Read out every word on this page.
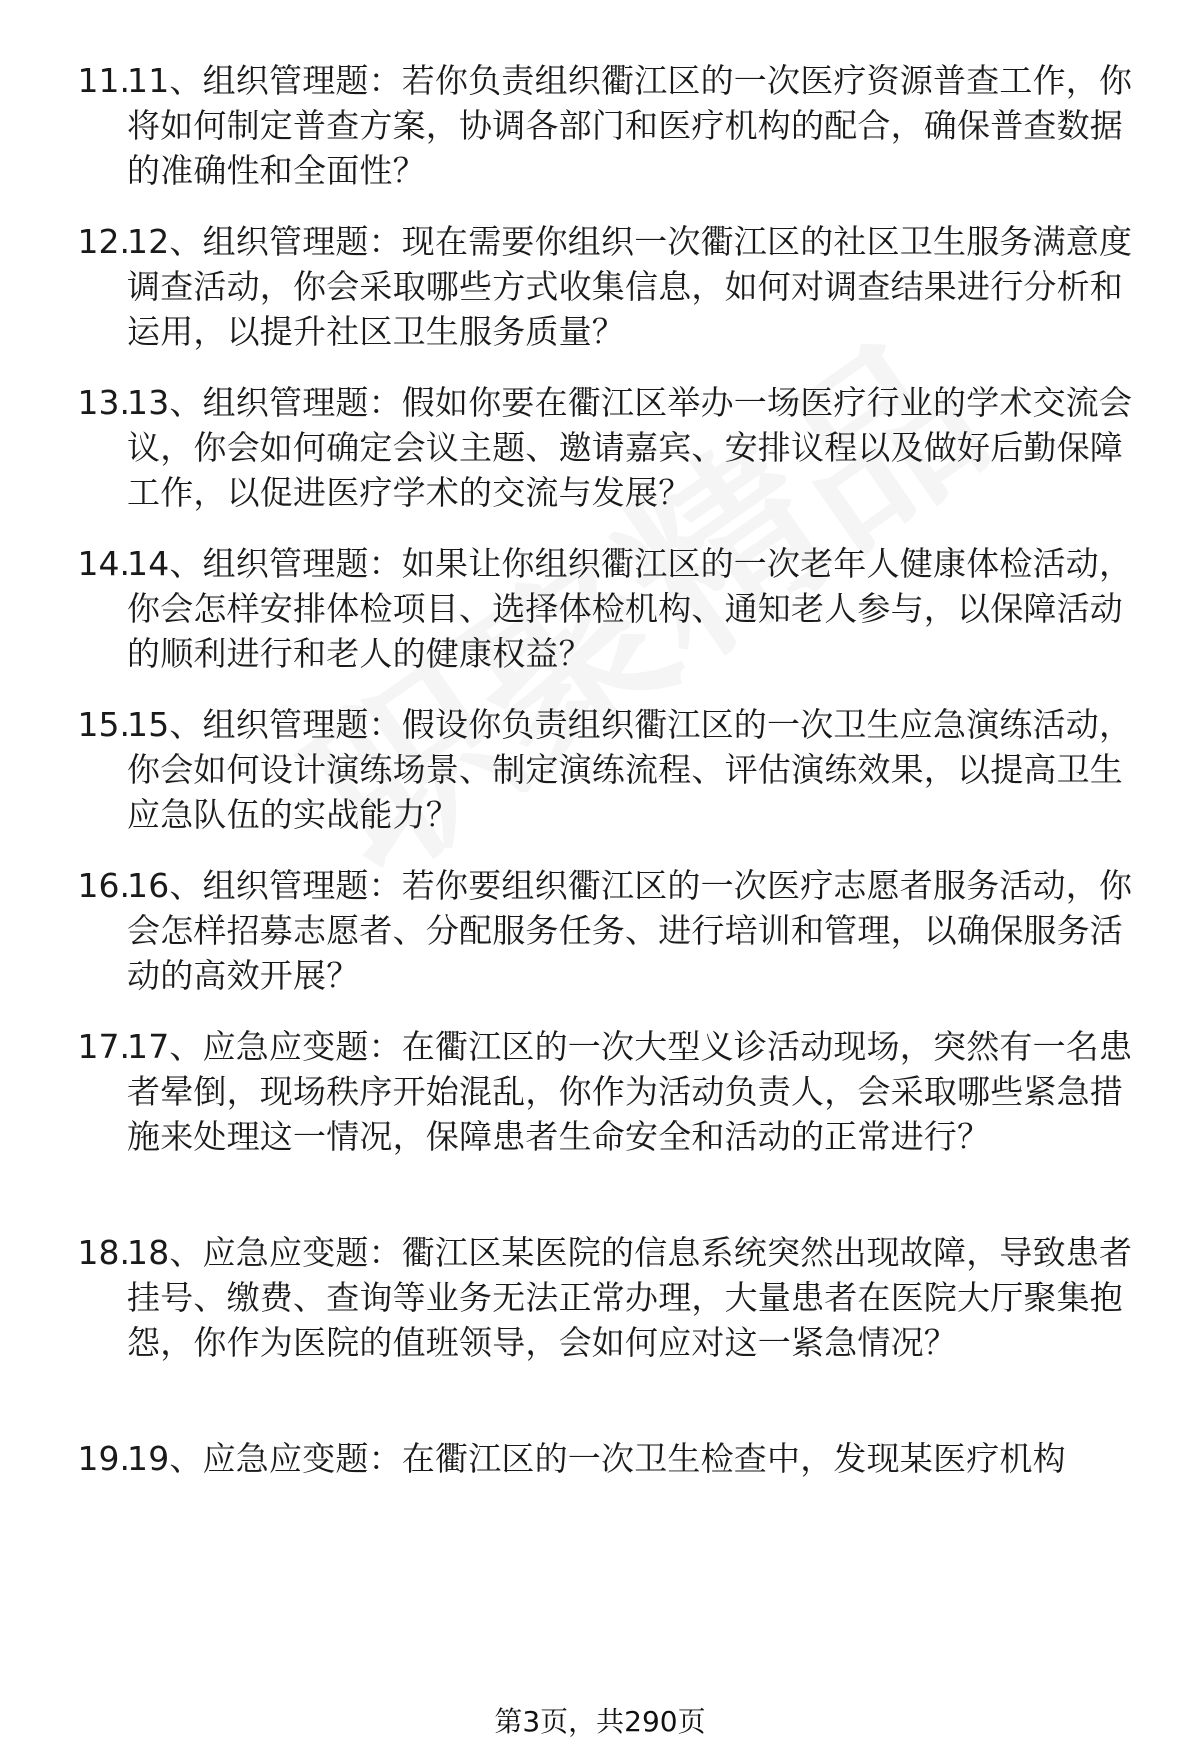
11.
11、组织管理题：若你负责组织衢江区的一次医疗资源普查工作，你将如何制定普查方案，协调各部门和医疗机构的配合，确保普查数据的准确性和全面性？
12.
12、组织管理题：现在需要你组织一次衢江区的社区卫生服务满意度调查活动，你会采取哪些方式收集信息，如何对调查结果进行分析和运用，以提升社区卫生服务质量？
13.
13、组织管理题：假如你要在衢江区举办一场医疗行业的学术交流会议，你会如何确定会议主题、邀请嘉宾、安排议程以及做好后勤保障工作，以促进医疗学术的交流与发展？
14.
14、组织管理题：如果让你组织衢江区的一次老年人健康体检活动，你会怎样安排体检项目、选择体检机构、通知老人参与，以保障活动的顺利进行和老人的健康权益？
15.
15、组织管理题：假设你负责组织衢江区的一次卫生应急演练活动，你会如何设计演练场景、制定演练流程、评估演练效果，以提高卫生应急队伍的实战能力？
16.
16、组织管理题：若你要组织衢江区的一次医疗志愿者服务活动，你会怎样招募志愿者、分配服务任务、进行培训和管理，以确保服务活动的高效开展？
17.
17、应急应变题：在衢江区的一次大型义诊活动现场，突然有一名患者晕倒，现场秩序开始混乱，你作为活动负责人，会采取哪些紧急措施来处理这一情况，保障患者生命安全和活动的正常进行？
18.
18、应急应变题：衢江区某医院的信息系统突然出现故障，导致患者挂号、缴费、查询等业务无法正常办理，大量患者在医院大厅聚集抱怨，你作为医院的值班领导，会如何应对这一紧急情况？
19.
19、应急应变题：在衢江区的一次卫生检查中，发现某医疗机构
第3页，共290页
